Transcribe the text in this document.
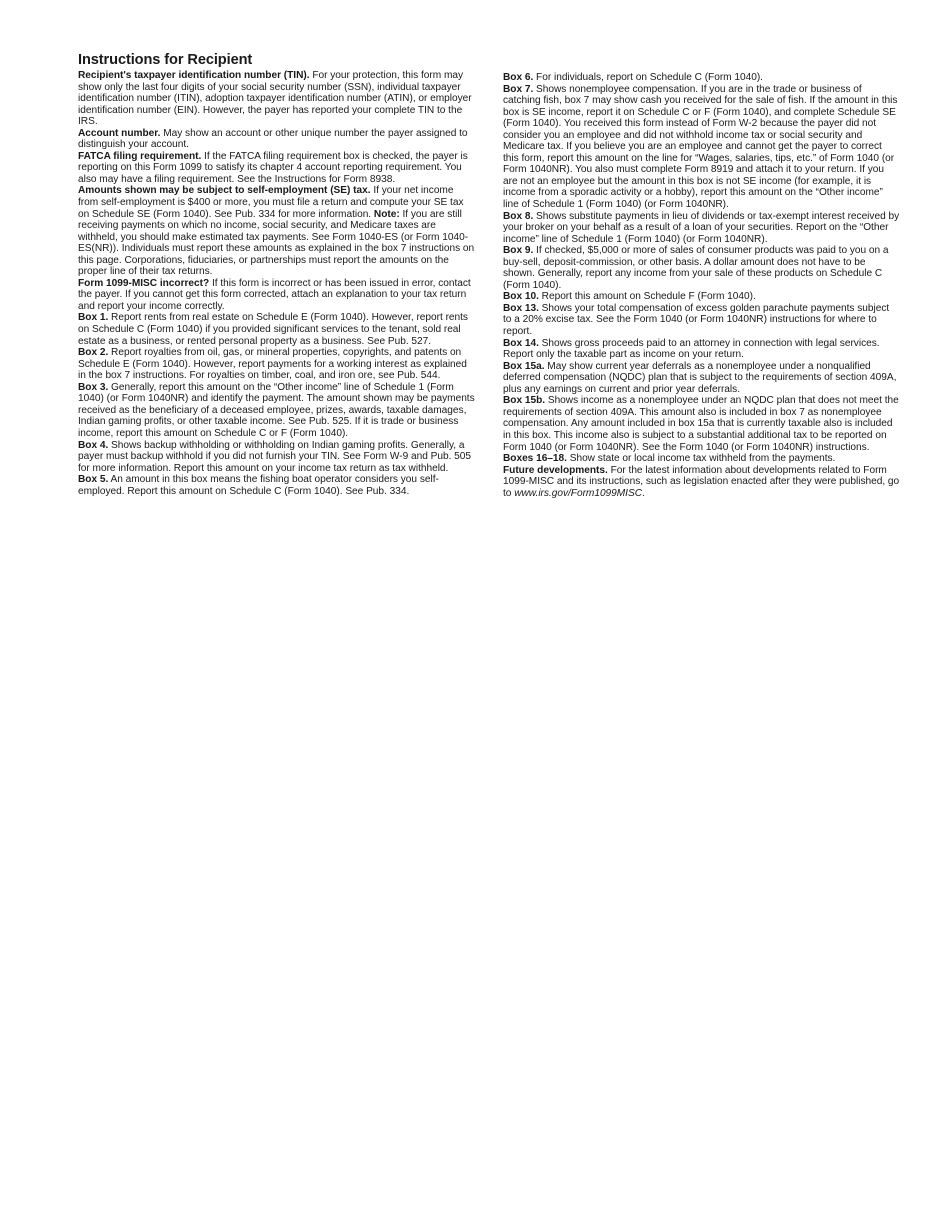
Instructions for Recipient

Recipient's taxpayer identification number (TIN). For your protection, this form may show only the last four digits of your social security number (SSN), individual taxpayer identification number (ITIN), adoption taxpayer identification number (ATIN), or employer identification number (EIN). However, the payer has reported your complete TIN to the IRS.

Account number. May show an account or other unique number the payer assigned to distinguish your account.

FATCA filing requirement. If the FATCA filing requirement box is checked, the payer is reporting on this Form 1099 to satisfy its chapter 4 account reporting requirement. You also may have a filing requirement. See the Instructions for Form 8938.

Amounts shown may be subject to self-employment (SE) tax. If your net income from self-employment is $400 or more, you must file a return and compute your SE tax on Schedule SE (Form 1040). See Pub. 334 for more information. Note: If you are still receiving payments on which no income, social security, and Medicare taxes are withheld, you should make estimated tax payments. See Form 1040-ES (or Form 1040-ES(NR)). Individuals must report these amounts as explained in the box 7 instructions on this page. Corporations, fiduciaries, or partnerships must report the amounts on the proper line of their tax returns.

Form 1099-MISC incorrect? If this form is incorrect or has been issued in error, contact the payer. If you cannot get this form corrected, attach an explanation to your tax return and report your income correctly.

Box 1. Report rents from real estate on Schedule E (Form 1040). However, report rents on Schedule C (Form 1040) if you provided significant services to the tenant, sold real estate as a business, or rented personal property as a business. See Pub. 527.

Box 2. Report royalties from oil, gas, or mineral properties, copyrights, and patents on Schedule E (Form 1040). However, report payments for a working interest as explained in the box 7 instructions. For royalties on timber, coal, and iron ore, see Pub. 544.

Box 3. Generally, report this amount on the “Other income” line of Schedule 1 (Form 1040) (or Form 1040NR) and identify the payment. The amount shown may be payments received as the beneficiary of a deceased employee, prizes, awards, taxable damages, Indian gaming profits, or other taxable income. See Pub. 525. If it is trade or business income, report this amount on Schedule C or F (Form 1040).

Box 4. Shows backup withholding or withholding on Indian gaming profits. Generally, a payer must backup withhold if you did not furnish your TIN. See Form W-9 and Pub. 505 for more information. Report this amount on your income tax return as tax withheld.

Box 5. An amount in this box means the fishing boat operator considers you self-employed. Report this amount on Schedule C (Form 1040). See Pub. 334.

Box 6. For individuals, report on Schedule C (Form 1040).

Box 7. Shows nonemployee compensation. If you are in the trade or business of catching fish, box 7 may show cash you received for the sale of fish. If the amount in this box is SE income, report it on Schedule C or F (Form 1040), and complete Schedule SE (Form 1040). You received this form instead of Form W-2 because the payer did not consider you an employee and did not withhold income tax or social security and Medicare tax. If you believe you are an employee and cannot get the payer to correct this form, report this amount on the line for “Wages, salaries, tips, etc.” of Form 1040 (or Form 1040NR). You also must complete Form 8919 and attach it to your return. If you are not an employee but the amount in this box is not SE income (for example, it is income from a sporadic activity or a hobby), report this amount on the “Other income” line of Schedule 1 (Form 1040) (or Form 1040NR).

Box 8. Shows substitute payments in lieu of dividends or tax-exempt interest received by your broker on your behalf as a result of a loan of your securities. Report on the “Other income” line of Schedule 1 (Form 1040) (or Form 1040NR).

Box 9. If checked, $5,000 or more of sales of consumer products was paid to you on a buy-sell, deposit-commission, or other basis. A dollar amount does not have to be shown. Generally, report any income from your sale of these products on Schedule C (Form 1040).

Box 10. Report this amount on Schedule F (Form 1040).

Box 13. Shows your total compensation of excess golden parachute payments subject to a 20% excise tax. See the Form 1040 (or Form 1040NR) instructions for where to report.

Box 14. Shows gross proceeds paid to an attorney in connection with legal services. Report only the taxable part as income on your return.

Box 15a. May show current year deferrals as a nonemployee under a nonqualified deferred compensation (NQDC) plan that is subject to the requirements of section 409A, plus any earnings on current and prior year deferrals.

Box 15b. Shows income as a nonemployee under an NQDC plan that does not meet the requirements of section 409A. This amount also is included in box 7 as nonemployee compensation. Any amount included in box 15a that is currently taxable also is included in this box. This income also is subject to a substantial additional tax to be reported on Form 1040 (or Form 1040NR). See the Form 1040 (or Form 1040NR) instructions.

Boxes 16–18. Show state or local income tax withheld from the payments.

Future developments. For the latest information about developments related to Form 1099-MISC and its instructions, such as legislation enacted after they were published, go to www.irs.gov/Form1099MISC.
